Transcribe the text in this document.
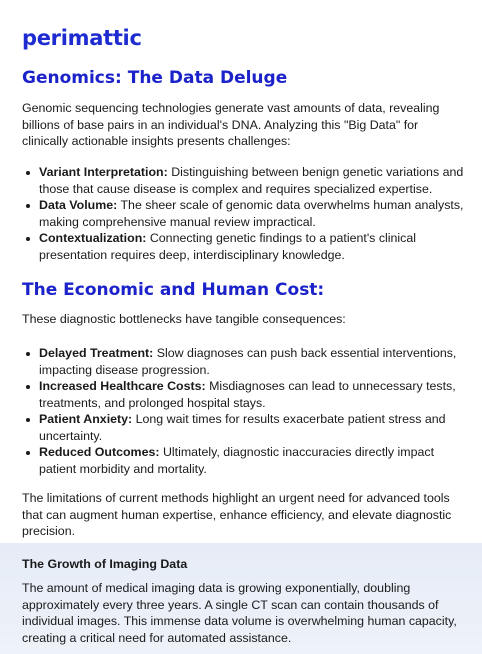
perimattic
Genomics: The Data Deluge

Genomic sequencing technologies generate vast amounts of data, revealing billions of base pairs in an individual's DNA. Analyzing this "Big Data" for clinically actionable insights presents challenges:

Variant Interpretation: Distinguishing between benign genetic variations and those that cause disease is complex and requires specialized expertise.
Data Volume: The sheer scale of genomic data overwhelms human analysts, making comprehensive manual review impractical.
Contextualization: Connecting genetic findings to a patient's clinical presentation requires deep, interdisciplinary knowledge.
The Economic and Human Cost:

These diagnostic bottlenecks have tangible consequences:

Delayed Treatment: Slow diagnoses can push back essential interventions, impacting disease progression.
Increased Healthcare Costs: Misdiagnoses can lead to unnecessary tests, treatments, and prolonged hospital stays.
Patient Anxiety: Long wait times for results exacerbate patient stress and uncertainty.
Reduced Outcomes: Ultimately, diagnostic inaccuracies directly impact patient morbidity and mortality.

The limitations of current methods highlight an urgent need for advanced tools that can augment human expertise, enhance efficiency, and elevate diagnostic precision.

The Growth of Imaging Data

The amount of medical imaging data is growing exponentially, doubling approximately every three years. A single CT scan can contain thousands of individual images. This immense data volume is overwhelming human capacity, creating a critical need for automated assistance.
